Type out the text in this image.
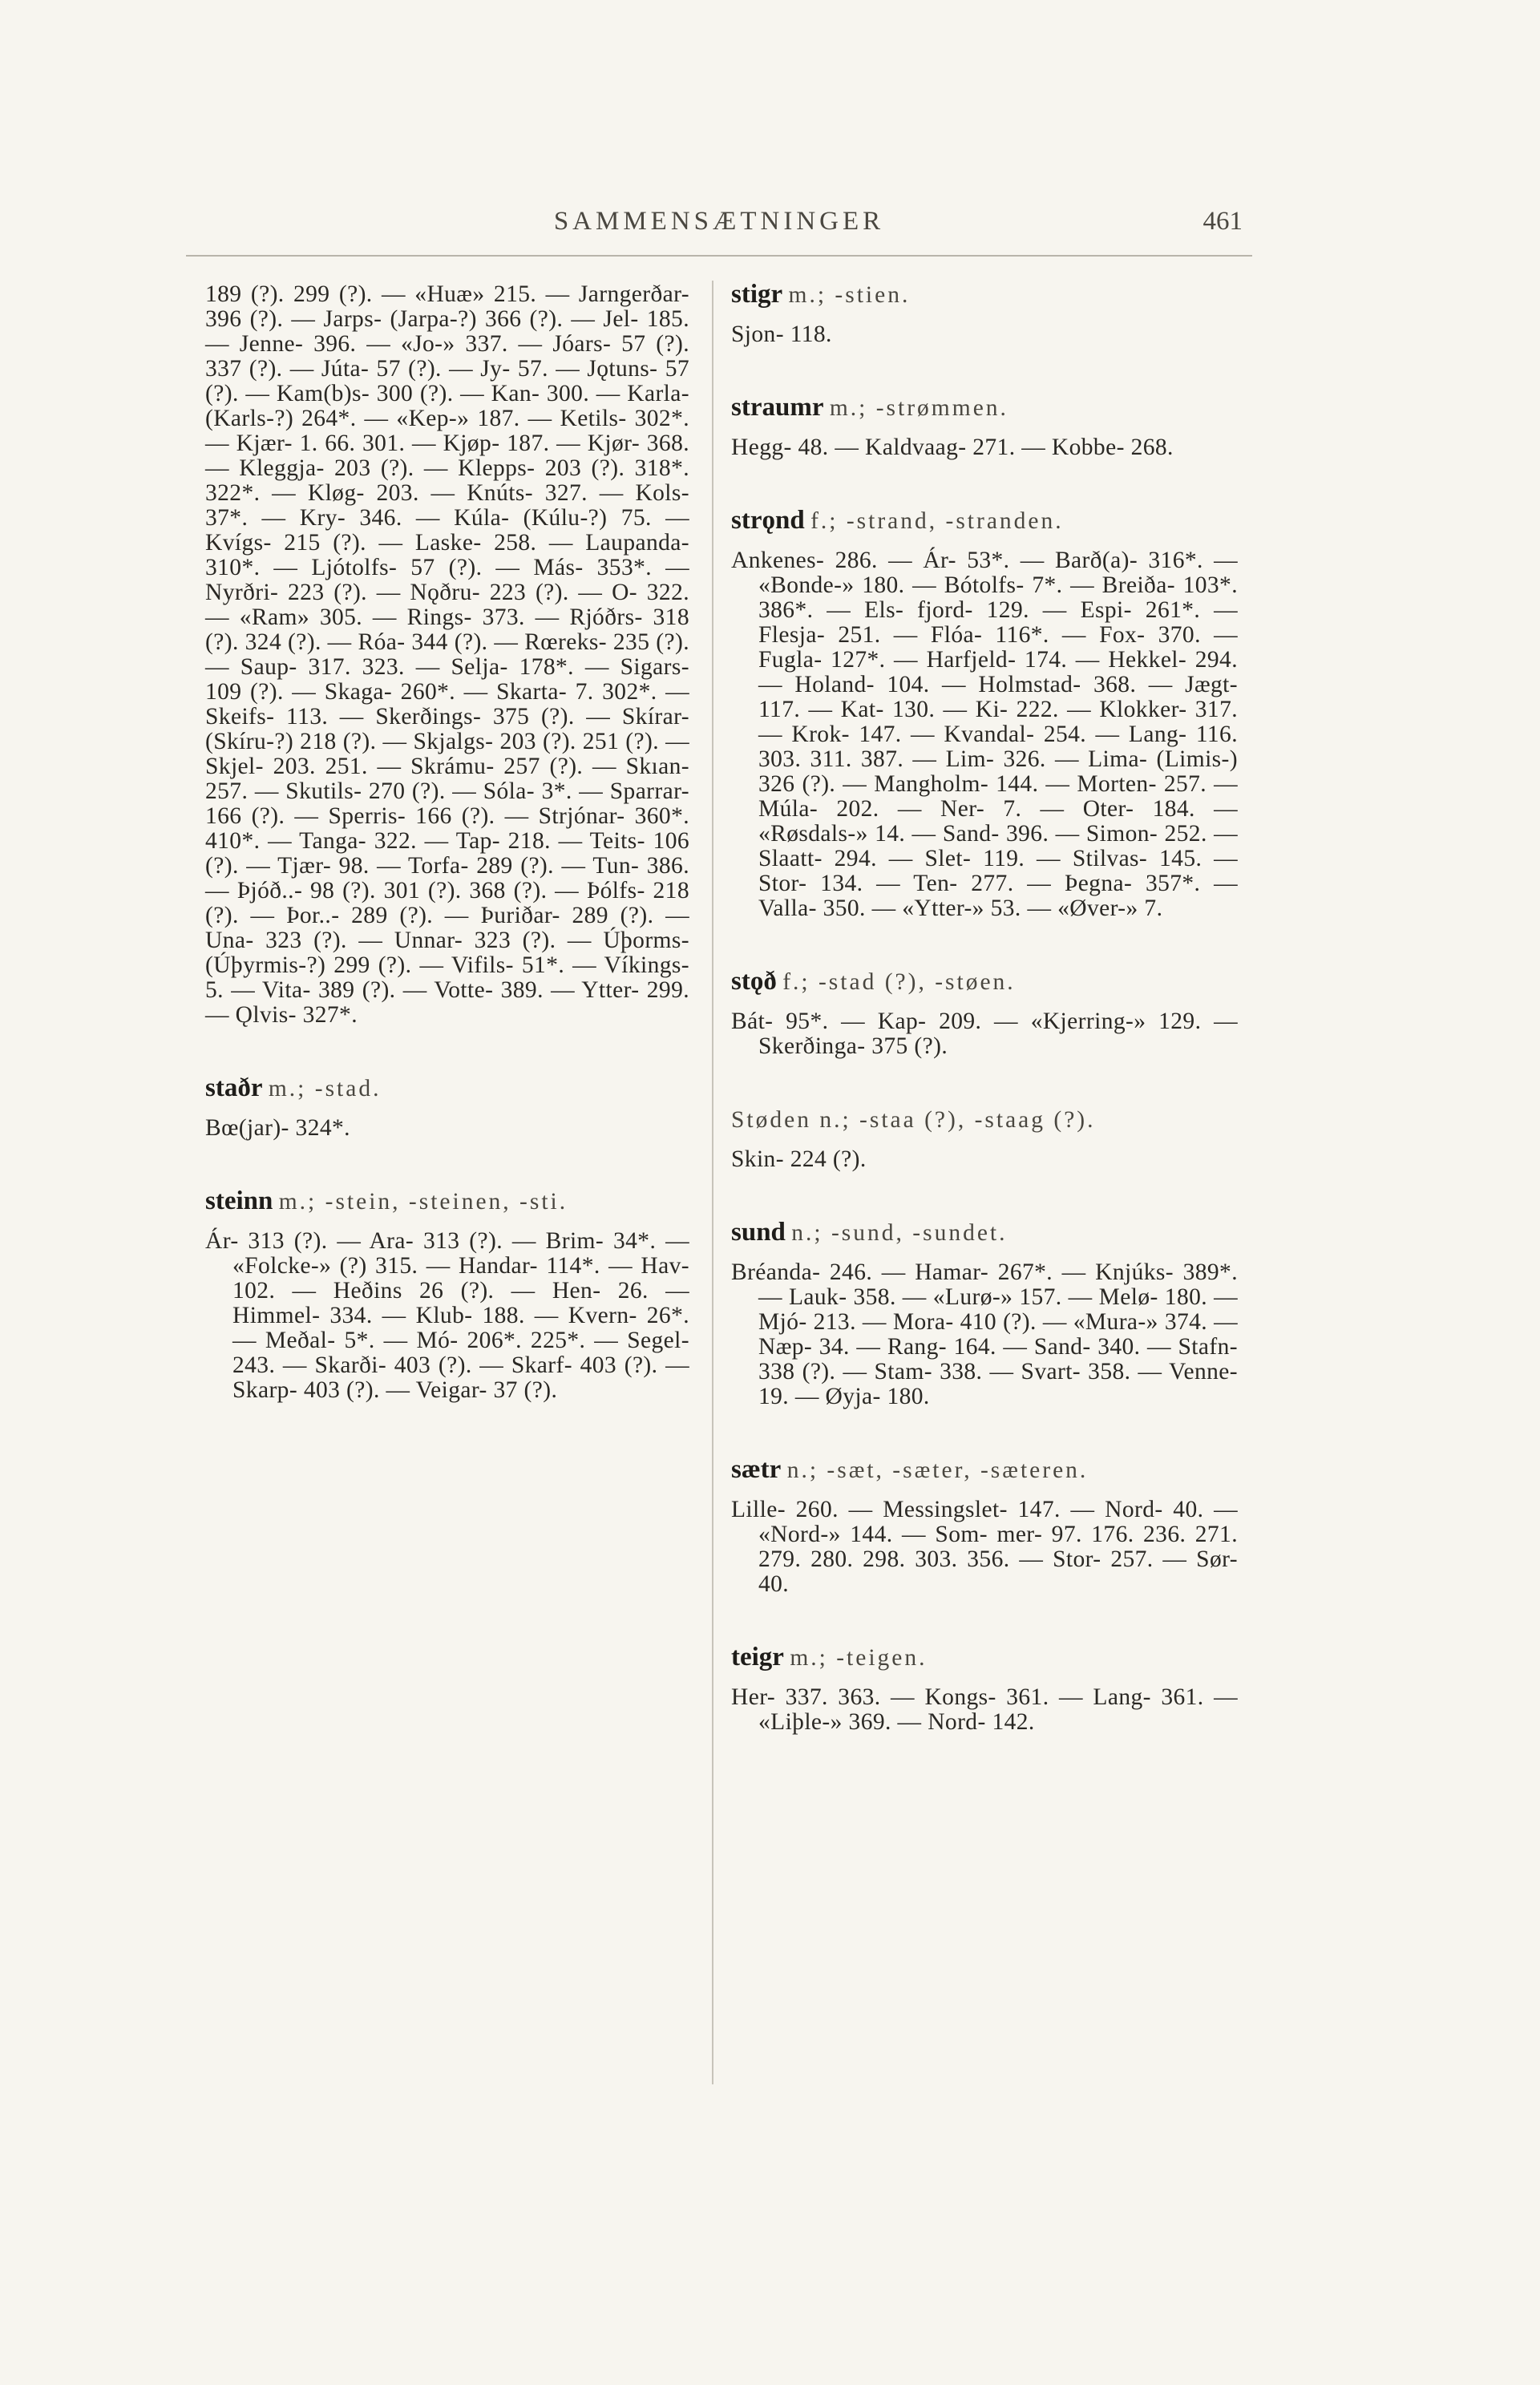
SAMMENSÆTNINGER	461

189 (?). 299 (?). — «Huæ» 215. — Jarngerðar- 396 (?). — Jarps- (Jarpa-?) 366 (?). — Jel- 185. — Jenne- 396. — «Jo-» 337. — Jóars- 57 (?). 337 (?). — Júta- 57 (?). — Jy- 57. — Jǫtuns- 57 (?). — Kam(b)s- 300 (?). — Kan- 300. — Karla- (Karls-?) 264*. — «Kep-» 187. — Ketils- 302*. — Kjær- 1. 66. 301. — Kjøp- 187. — Kjør- 368. — Kleggja- 203 (?). — Klepps- 203 (?). 318*. 322*. — Kløg- 203. — Knúts- 327. — Kols- 37*. — Kry- 346. — Kúla- (Kúlu-?) 75. — Kvígs- 215 (?). — Laske- 258. — Laupanda- 310*. — Ljótolfs- 57 (?). — Más- 353*. — Nyrðri- 223 (?). — Nǫðru- 223 (?). — O- 322. — «Ram» 305. — Rings- 373. — Rjóðrs- 318 (?). 324 (?). — Róa- 344 (?). — Rœreks- 235 (?). — Saup- 317. 323. — Selja- 178*. — Sigars- 109 (?). — Skaga- 260*. — Skarta- 7. 302*. — Skeifs- 113. — Skerðings- 375 (?). — Skírar- (Skíru-?) 218 (?). — Skjalgs- 203 (?). 251 (?). — Skjel- 203. 251. — Skrámu- 257 (?). — Skıan- 257. — Skutils- 270 (?). — Sóla- 3*. — Sparrar- 166 (?). — Sperris- 166 (?). — Strjónar- 360*. 410*. — Tanga- 322. — Tap- 218. — Teits- 106 (?). — Tjær- 98. — Torfa- 289 (?). — Tun- 386. — Þjóð..- 98 (?). 301 (?). 368 (?). — Þólfs- 218 (?). — Þor..- 289 (?). — Þuriðar- 289 (?). — Una- 323 (?). — Unnar- 323 (?). — Úþorms- (Úþyrmis-?) 299 (?). — Vifils- 51*. — Víkings- 5. — Vita- 389 (?). — Votte- 389. — Ytter- 299. — Ǫlvis- 327*.

staðr m.; -stad.

Bœ(jar)- 324*.

steinn m.; -stein, -steinen, -sti.

Ár- 313 (?). — Ara- 313 (?). — Brim- 34*. — «Folcke-» (?) 315. — Handar- 114*. — Hav- 102. — Heðins 26 (?). — Hen- 26. — Himmel- 334. — Klub- 188. — Kvern- 26*. — Meðal- 5*. — Mó- 206*. 225*. — Segel- 243. — Skarði- 403 (?). — Skarf- 403 (?). — Skarp- 403 (?). — Veigar- 37 (?).

stigr m.; -stien.

Sjon- 118.

straumr m.; -strømmen.

Hegg- 48. — Kaldvaag- 271. — Kobbe- 268.

strǫnd f.; -strand, -stranden.

Ankenes- 286. — Ár- 53*. — Barð(a)- 316*. — «Bonde-» 180. — Bótolfs- 7*. — Breiða- 103*. 386*. — Els- fjord- 129. — Espi- 261*. — Flesja- 251. — Flóa- 116*. — Fox- 370. — Fugla- 127*. — Harfjeld- 174. — Hekkel- 294. — Holand- 104. — Holmstad- 368. — Jægt- 117. — Kat- 130. — Ki- 222. — Klokker- 317. — Krok- 147. — Kvandal- 254. — Lang- 116. 303. 311. 387. — Lim- 326. — Lima- (Limis-) 326 (?). — Mangholm- 144. — Morten- 257. — Múla- 202. — Ner- 7. — Oter- 184. — «Røsdals-» 14. — Sand- 396. — Simon- 252. — Slaatt- 294. — Slet- 119. — Stilvas- 145. — Stor- 134. — Ten- 277. — Þegna- 357*. — Valla- 350. — «Ytter-» 53. — «Øver-» 7.

stǫð f.; -stad (?), -støen.

Bát- 95*. — Kap- 209. — «Kjerring-» 129. — Skerðinga- 375 (?).

Støden n.; -staa (?), -staag (?).

Skin- 224 (?).

sund n.; -sund, -sundet.

Bréanda- 246. — Hamar- 267*. — Knjúks- 389*. — Lauk- 358. — «Lurø-» 157. — Melø- 180. — Mjó- 213. — Mora- 410 (?). — «Mura-» 374. — Næp- 34. — Rang- 164. — Sand- 340. — Stafn- 338 (?). — Stam- 338. — Svart- 358. — Venne- 19. — Øyja- 180.

sætr n.; -sæt, -sæter, -sæteren.

Lille- 260. — Messingslet- 147. — Nord- 40. — «Nord-» 144. — Som- mer- 97. 176. 236. 271. 279. 280. 298. 303. 356. — Stor- 257. — Sør- 40.

teigr m.; -teigen.

Her- 337. 363. — Kongs- 361. — Lang- 361. — «Liþle-» 369. — Nord- 142.
